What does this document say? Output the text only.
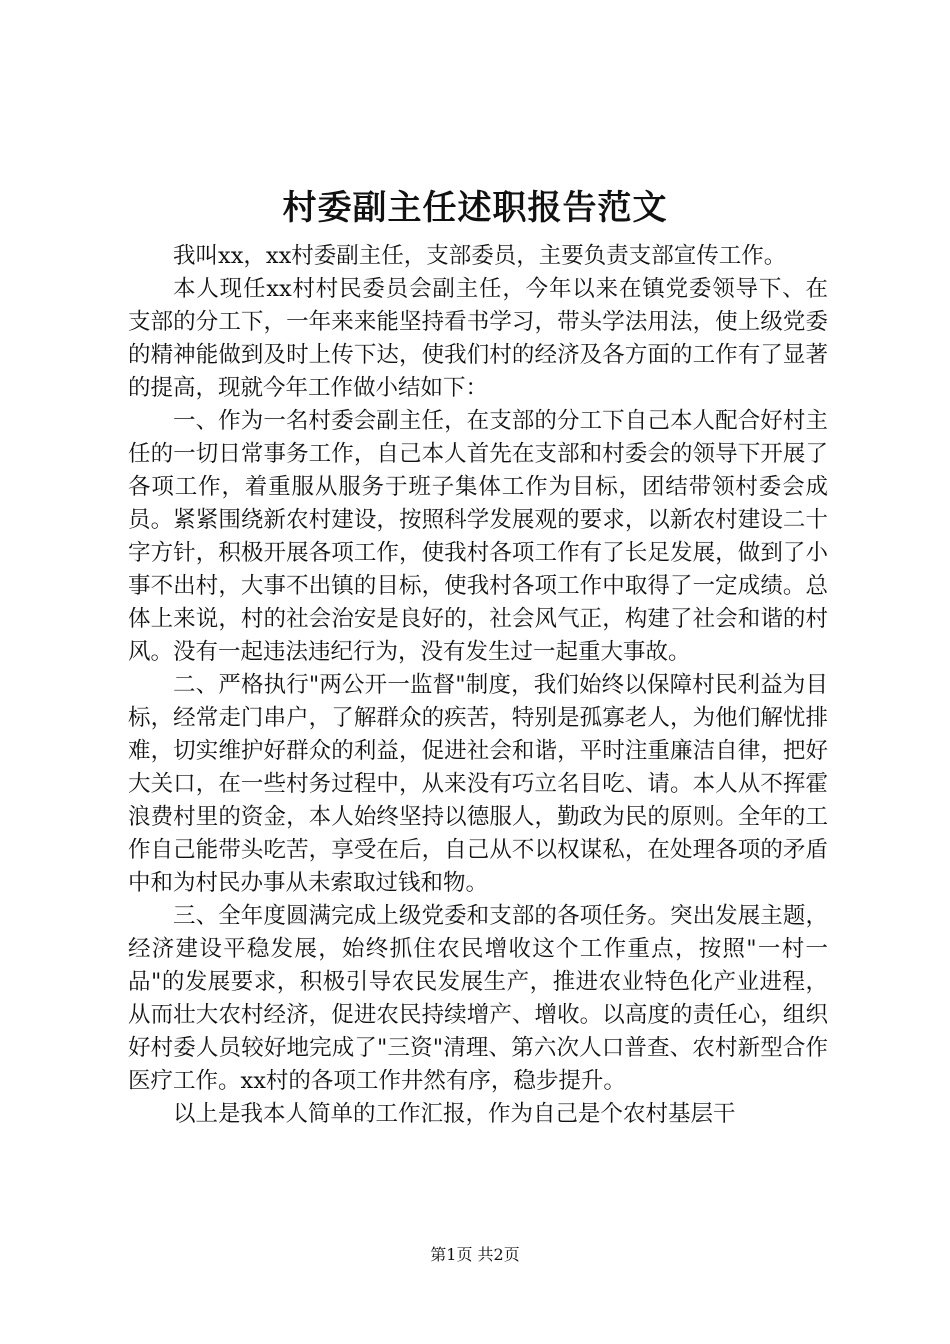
村委副主任述职报告范文

我叫xx，xx村委副主任，支部委员，主要负责支部宣传工作。

本人现任xx村村民委员会副主任，今年以来在镇党委领导下、在支部的分工下，一年来来能坚持看书学习，带头学法用法，使上级党委的精神能做到及时上传下达，使我们村的经济及各方面的工作有了显著的提高，现就今年工作做小结如下：

一、作为一名村委会副主任，在支部的分工下自己本人配合好村主任的一切日常事务工作，自己本人首先在支部和村委会的领导下开展了各项工作，着重服从服务于班子集体工作为目标，团结带领村委会成员。紧紧围绕新农村建设，按照科学发展观的要求，以新农村建设二十字方针，积极开展各项工作，使我村各项工作有了长足发展，做到了小事不出村，大事不出镇的目标，使我村各项工作中取得了一定成绩。总体上来说，村的社会治安是良好的，社会风气正，构建了社会和谐的村风。没有一起违法违纪行为，没有发生过一起重大事故。

二、严格执行"两公开一监督"制度，我们始终以保障村民利益为目标，经常走门串户，了解群众的疾苦，特别是孤寡老人，为他们解忧排难，切实维护好群众的利益，促进社会和谐，平时注重廉洁自律，把好大关口，在一些村务过程中，从来没有巧立名目吃、请。本人从不挥霍浪费村里的资金，本人始终坚持以德服人，勤政为民的原则。全年的工作自己能带头吃苦，享受在后，自己从不以权谋私，在处理各项的矛盾中和为村民办事从未索取过钱和物。

三、全年度圆满完成上级党委和支部的各项任务。突出发展主题，经济建设平稳发展，始终抓住农民增收这个工作重点，按照"一村一品"的发展要求，积极引导农民发展生产，推进农业特色化产业进程，从而壮大农村经济，促进农民持续增产、增收。以高度的责任心，组织好村委人员较好地完成了"三资"清理、第六次人口普查、农村新型合作医疗工作。xx村的各项工作井然有序，稳步提升。

以上是我本人简单的工作汇报，作为自己是个农村基层干

第1页 共2页
